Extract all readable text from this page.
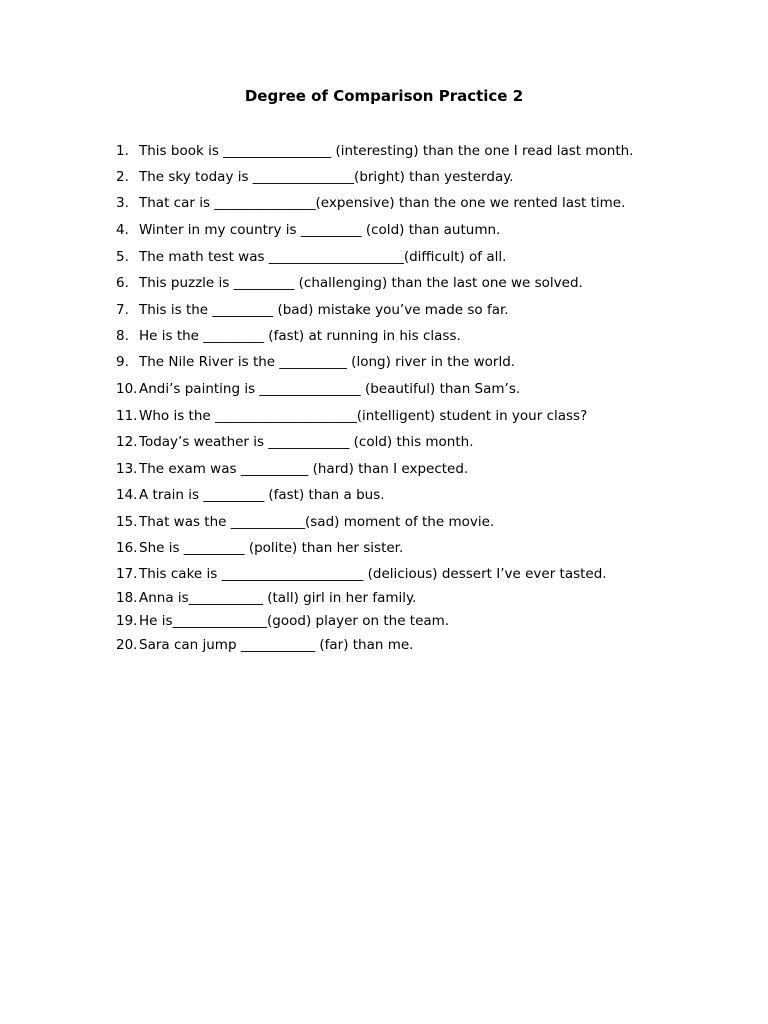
Degree of Comparison Practice 2
1. This book is ________________ (interesting) than the one I read last month.
2. The sky today is _______________(bright) than yesterday.
3. That car is _______________(expensive) than the one we rented last time.
4. Winter in my country is _________ (cold) than autumn.
5. The math test was ____________________(difficult) of all.
6. This puzzle is _________ (challenging) than the last one we solved.
7. This is the _________ (bad) mistake you’ve made so far.
8. He is the _________ (fast) at running in his class.
9. The Nile River is the __________ (long) river in the world.
10. Andi’s painting is _______________ (beautiful) than Sam’s.
11. Who is the _____________________(intelligent) student in your class?
12. Today’s weather is ____________ (cold) this month.
13. The exam was __________ (hard) than I expected.
14. A train is _________ (fast) than a bus.
15. That was the ___________(sad) moment of the movie.
16. She is _________ (polite) than her sister.
17. This cake is _____________________ (delicious) dessert I’ve ever tasted.
18. Anna is___________ (tall) girl in her family.
19. He is______________(good) player on the team.
20. Sara can jump ___________ (far) than me.
